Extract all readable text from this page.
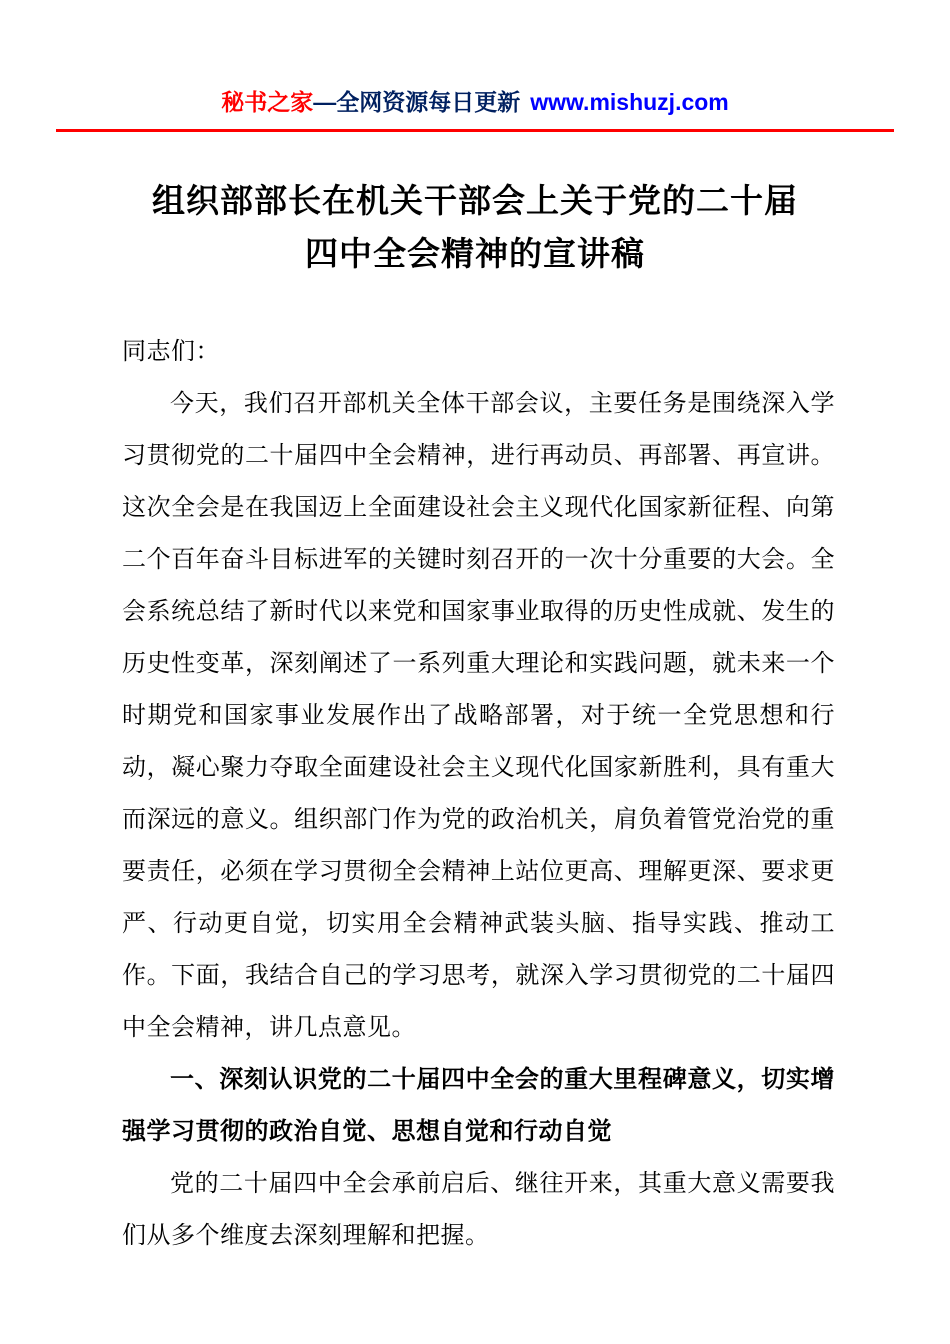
秘书之家—全网资源每日更新 www.mishuzj.com
组织部部长在机关干部会上关于党的二十届
四中全会精神的宣讲稿

同志们：

今天，我们召开部机关全体干部会议，主要任务是围绕深入学习贯彻党的二十届四中全会精神，进行再动员、再部署、再宣讲。这次全会是在我国迈上全面建设社会主义现代化国家新征程、向第二个百年奋斗目标进军的关键时刻召开的一次十分重要的大会。全会系统总结了新时代以来党和国家事业取得的历史性成就、发生的历史性变革，深刻阐述了一系列重大理论和实践问题，就未来一个时期党和国家事业发展作出了战略部署，对于统一全党思想和行动，凝心聚力夺取全面建设社会主义现代化国家新胜利，具有重大而深远的意义。组织部门作为党的政治机关，肩负着管党治党的重要责任，必须在学习贯彻全会精神上站位更高、理解更深、要求更严、行动更自觉，切实用全会精神武装头脑、指导实践、推动工作。下面，我结合自己的学习思考，就深入学习贯彻党的二十届四中全会精神，讲几点意见。

一、深刻认识党的二十届四中全会的重大里程碑意义，切实增强学习贯彻的政治自觉、思想自觉和行动自觉

党的二十届四中全会承前启后、继往开来，其重大意义需要我们从多个维度去深刻理解和把握。
